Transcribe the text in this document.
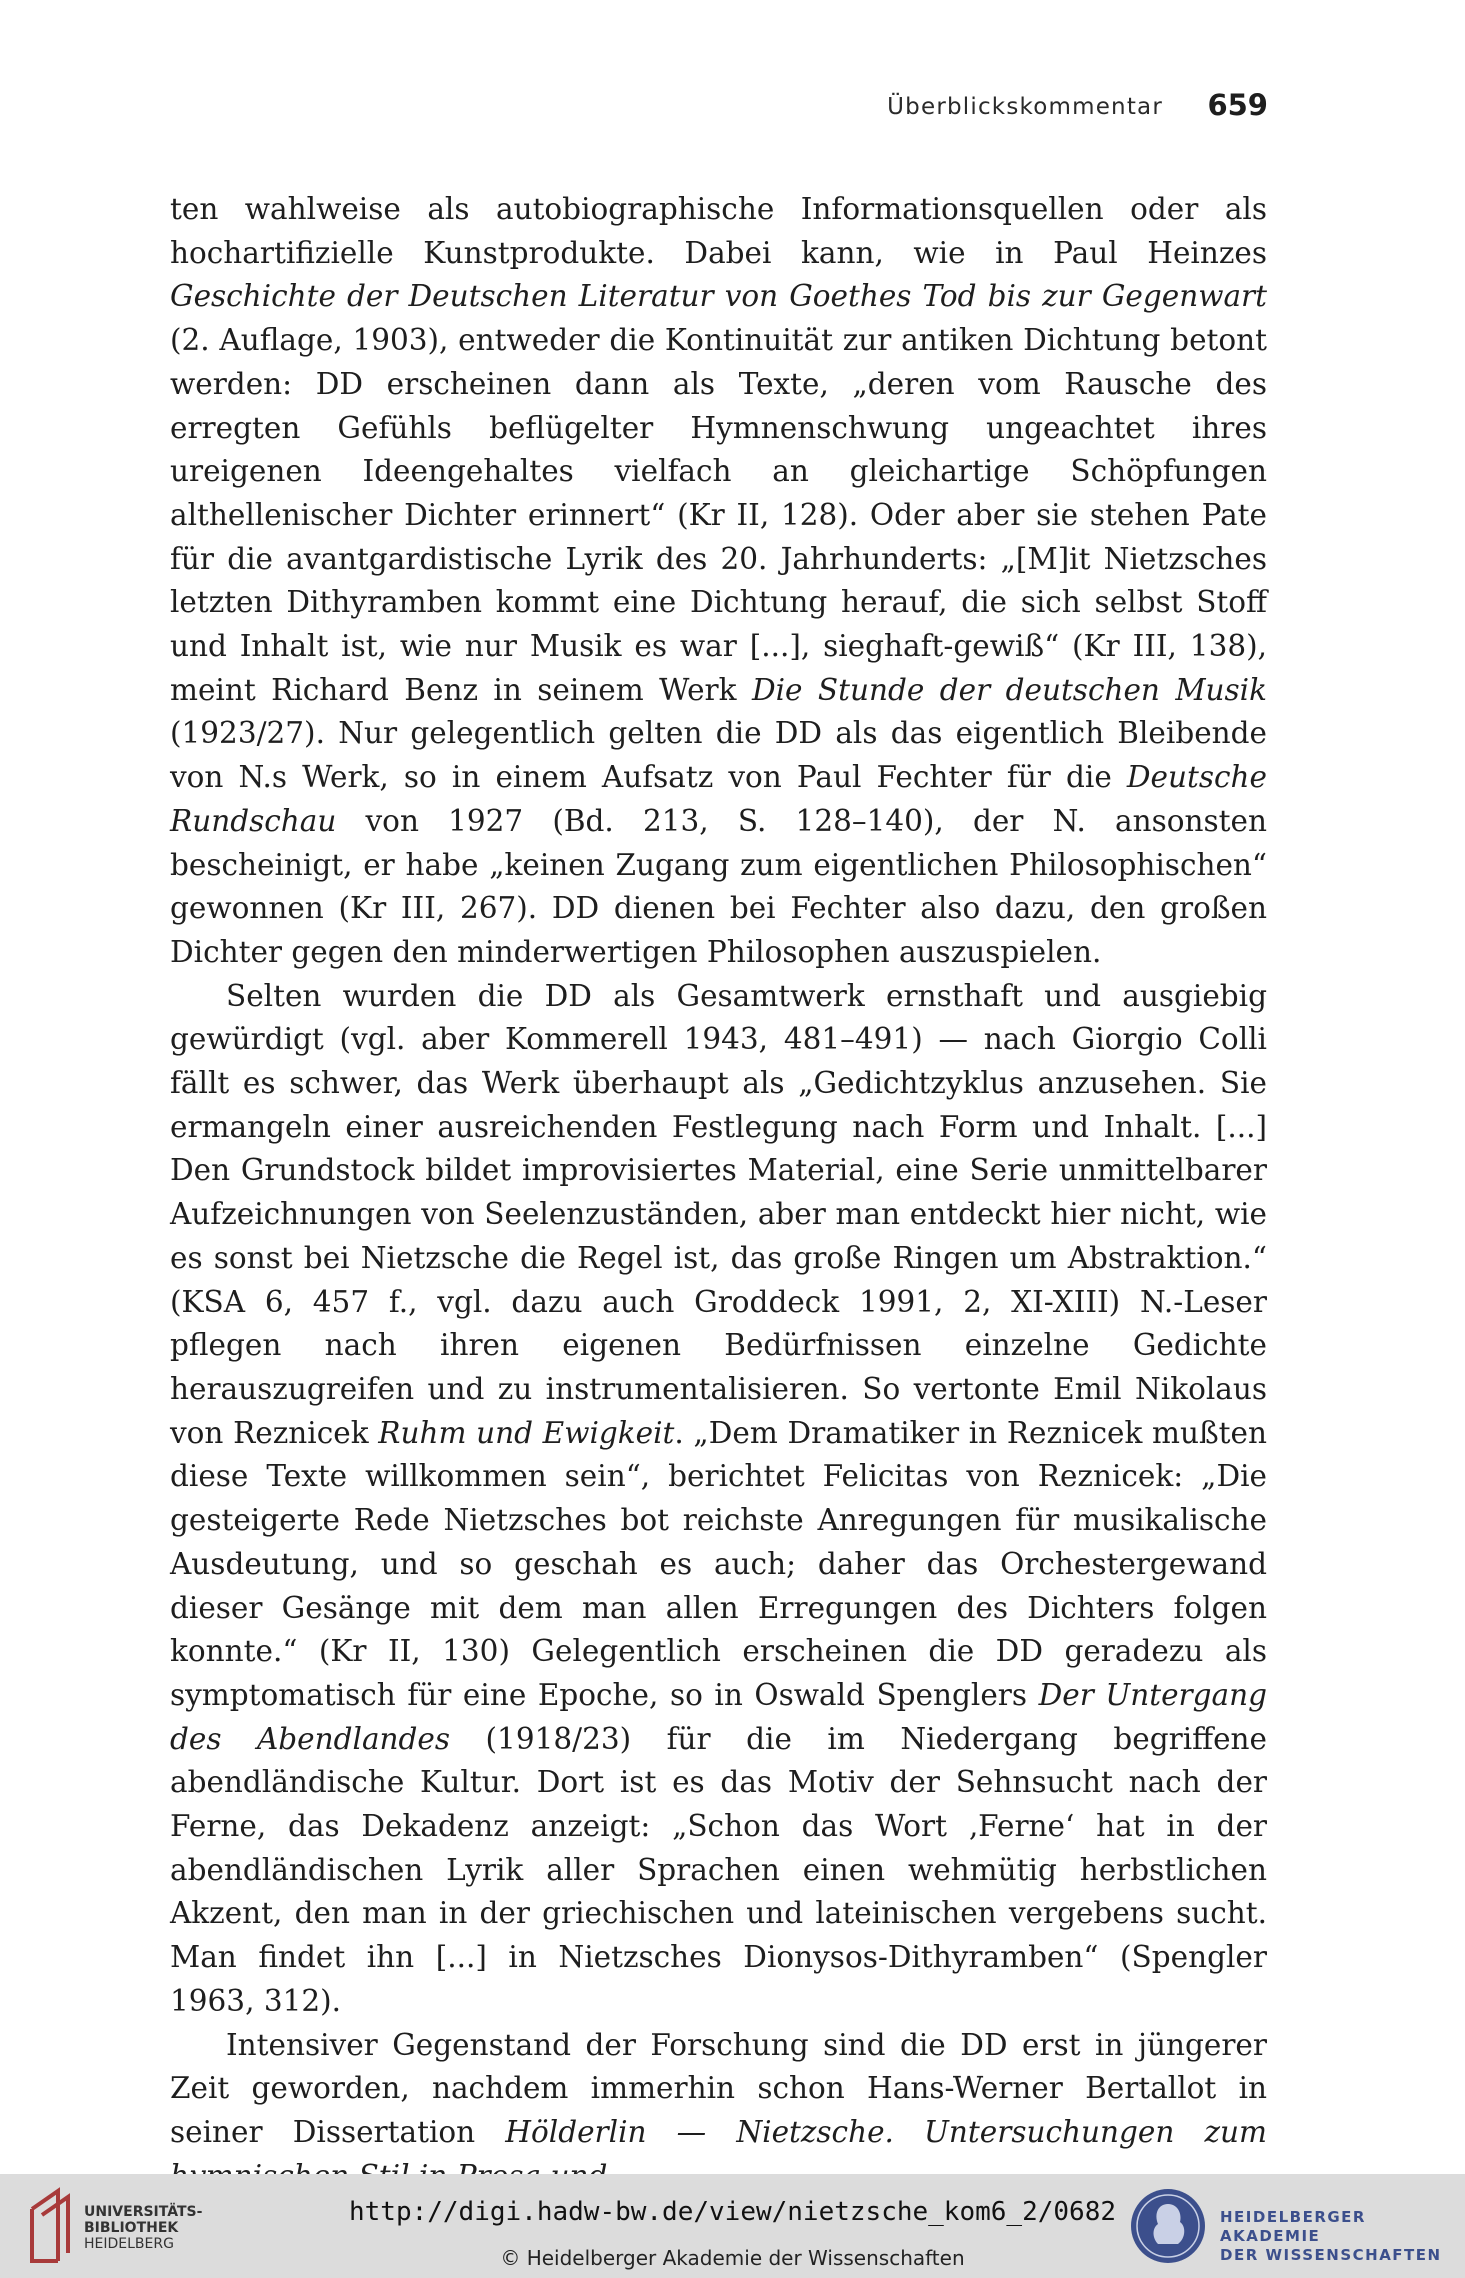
Überblickskommentar 659

ten wahlweise als autobiographische Informationsquellen oder als hochartifizielle Kunstprodukte. Dabei kann, wie in Paul Heinzes Geschichte der Deutschen Literatur von Goethes Tod bis zur Gegenwart (2. Auflage, 1903), entweder die Kontinuität zur antiken Dichtung betont werden: DD erscheinen dann als Texte, „deren vom Rausche des erregten Gefühls beflügelter Hymnenschwung ungeachtet ihres ureigenen Ideengehaltes vielfach an gleichartige Schöpfungen althellenischer Dichter erinnert“ (Kr II, 128). Oder aber sie stehen Pate für die avantgardistische Lyrik des 20. Jahrhunderts: „[M]it Nietzsches letzten Dithyramben kommt eine Dichtung herauf, die sich selbst Stoff und Inhalt ist, wie nur Musik es war [...], sieghaft-gewiß“ (Kr III, 138), meint Richard Benz in seinem Werk Die Stunde der deutschen Musik (1923/27). Nur gelegentlich gelten die DD als das eigentlich Bleibende von N.s Werk, so in einem Aufsatz von Paul Fechter für die Deutsche Rundschau von 1927 (Bd. 213, S. 128–140), der N. ansonsten bescheinigt, er habe „keinen Zugang zum eigentlichen Philosophischen“ gewonnen (Kr III, 267). DD dienen bei Fechter also dazu, den großen Dichter gegen den minderwertigen Philosophen auszuspielen.

Selten wurden die DD als Gesamtwerk ernsthaft und ausgiebig gewürdigt (vgl. aber Kommerell 1943, 481–491) — nach Giorgio Colli fällt es schwer, das Werk überhaupt als „Gedichtzyklus anzusehen. Sie ermangeln einer ausreichenden Festlegung nach Form und Inhalt. [...] Den Grundstock bildet improvisiertes Material, eine Serie unmittelbarer Aufzeichnungen von Seelenzuständen, aber man entdeckt hier nicht, wie es sonst bei Nietzsche die Regel ist, das große Ringen um Abstraktion.“ (KSA 6, 457 f., vgl. dazu auch Groddeck 1991, 2, XI-XIII) N.-Leser pflegen nach ihren eigenen Bedürfnissen einzelne Gedichte herauszugreifen und zu instrumentalisieren. So vertonte Emil Nikolaus von Reznicek Ruhm und Ewigkeit. „Dem Dramatiker in Reznicek mußten diese Texte willkommen sein“, berichtet Felicitas von Reznicek: „Die gesteigerte Rede Nietzsches bot reichste Anregungen für musikalische Ausdeutung, und so geschah es auch; daher das Orchestergewand dieser Gesänge mit dem man allen Erregungen des Dichters folgen konnte.“ (Kr II, 130) Gelegentlich erscheinen die DD geradezu als symptomatisch für eine Epoche, so in Oswald Spenglers Der Untergang des Abendlandes (1918/23) für die im Niedergang begriffene abendländische Kultur. Dort ist es das Motiv der Sehnsucht nach der Ferne, das Dekadenz anzeigt: „Schon das Wort ‚Ferne‘ hat in der abendländischen Lyrik aller Sprachen einen wehmütig herbstlichen Akzent, den man in der griechischen und lateinischen vergebens sucht. Man findet ihn [...] in Nietzsches Dionysos-Dithyramben“ (Spengler 1963, 312).

Intensiver Gegenstand der Forschung sind die DD erst in jüngerer Zeit geworden, nachdem immerhin schon Hans-Werner Bertallot in seiner Dissertation Hölderlin — Nietzsche. Untersuchungen zum

UNIVERSITÄTS-
BIBLIOTHEK
HEIDELBERG
http://digi.hadw-bw.de/view/nietzsche_kom6_2/0682
© Heidelberger Akademie der Wissenschaften
HEIDELBERGER AKADEMIE
DER WISSENSCHAFTEN
